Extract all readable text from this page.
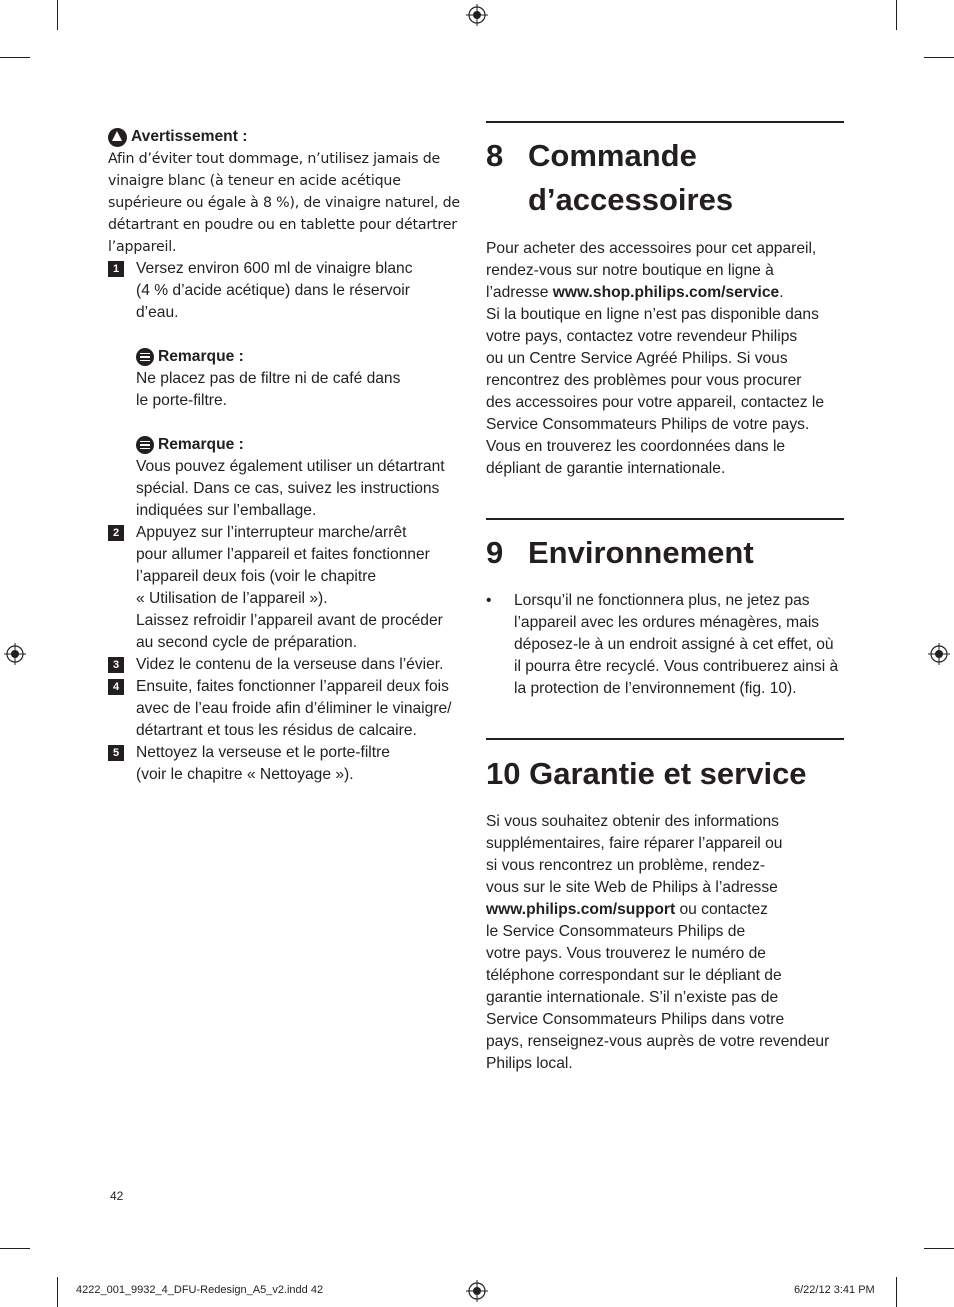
Avertissement :
Afin d’éviter tout dommage, n’utilisez jamais de vinaigre blanc (à teneur en acide acétique supérieure ou égale à 8 %), de vinaigre naturel, de détartrant en poudre ou en tablette pour détartrer l’appareil.
1	Versez environ 600 ml de vinaigre blanc

(4 % d’acide acétique) dans le réservoir

d’eau.

Remarque :

Ne placez pas de filtre ni de café dans

le porte-filtre.

Remarque :

Vous pouvez également utiliser un détartrant

spécial. Dans ce cas, suivez les instructions

indiquées sur l’emballage.

2	Appuyez sur l’interrupteur marche/arrêt

pour allumer l’appareil et faites fonctionner

l’appareil deux fois (voir le chapitre

« Utilisation de l’appareil »).

Laissez refroidir l’appareil avant de procéder

au second cycle de préparation.

3	Videz le contenu de la verseuse dans l’évier.

4	Ensuite, faites fonctionner l’appareil deux fois

avec de l’eau froide afin d’éliminer le vinaigre/

détartrant et tous les résidus de calcaire.

5	Nettoyez la verseuse et le porte-filtre

(voir le chapitre « Nettoyage »).

8 Commande
d’accessoires

Pour acheter des accessoires pour cet appareil,

rendez-vous sur notre boutique en ligne à

l’adresse www.shop.philips.com/service.

Si la boutique en ligne n’est pas disponible dans

votre pays, contactez votre revendeur Philips

ou un Centre Service Agréé Philips. Si vous

rencontrez des problèmes pour vous procurer

des accessoires pour votre appareil, contactez le

Service Consommateurs Philips de votre pays.

Vous en trouverez les coordonnées dans le

dépliant de garantie internationale.

9 Environnement

• Lorsqu’il ne fonctionnera plus, ne jetez pas

l’appareil avec les ordures ménagères, mais

déposez-le à un endroit assigné à cet effet, où

il pourra être recyclé. Vous contribuerez ainsi à

la protection de l’environnement (fig. 10).

10 Garantie et service

Si vous souhaitez obtenir des informations

supplémentaires, faire réparer l’appareil ou

si vous rencontrez un problème, rendez-

vous sur le site Web de Philips à l’adresse

www.philips.com/support ou contactez

le Service Consommateurs Philips de

votre pays. Vous trouverez le numéro de

téléphone correspondant sur le dépliant de

garantie internationale. S’il n’existe pas de

Service Consommateurs Philips dans votre

pays, renseignez-vous auprès de votre revendeur

Philips local.

42
4222_001_9932_4_DFU-Redesign_A5_v2.indd 42	6/22/12 3:41 PM
